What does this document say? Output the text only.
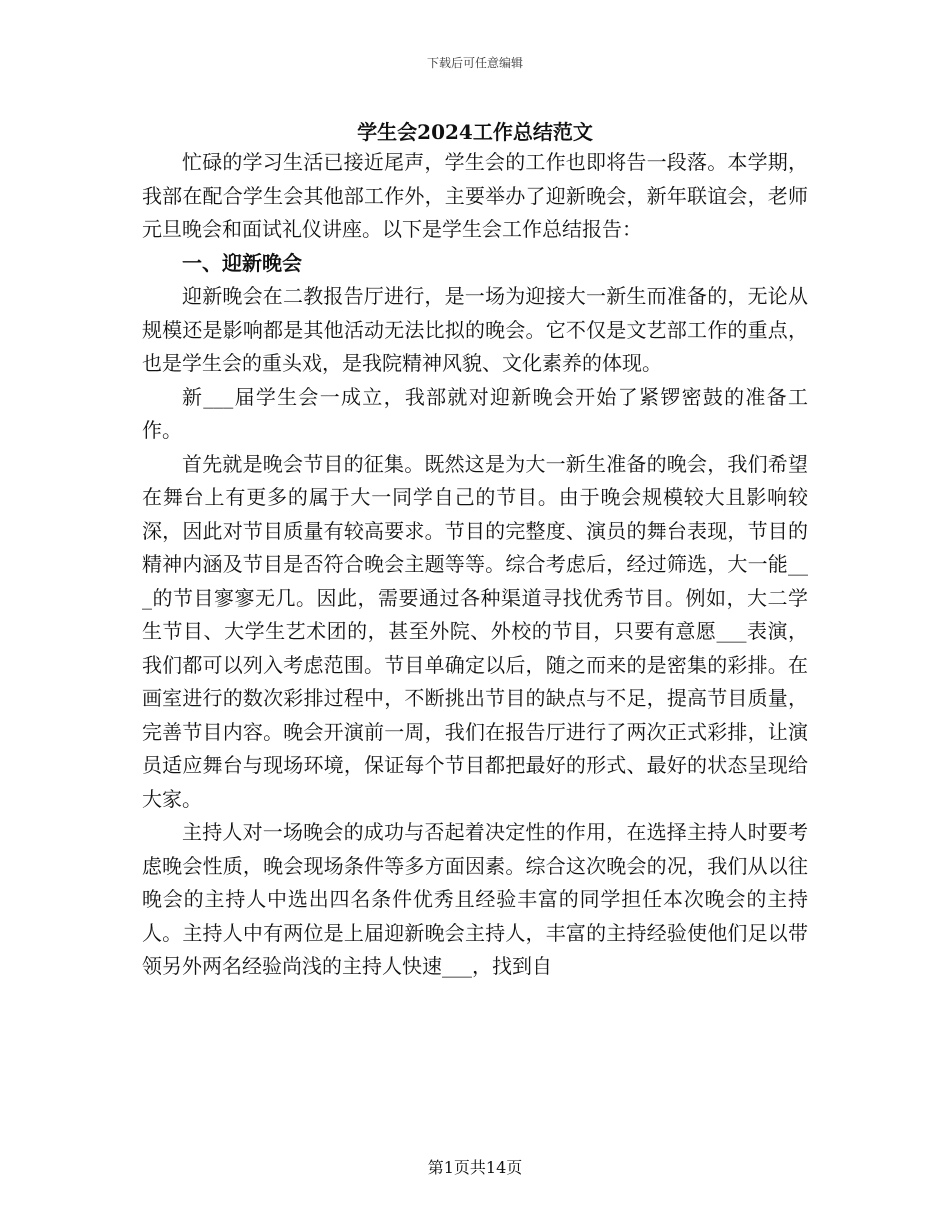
下载后可任意编辑
学生会2024工作总结范文

忙碌的学习生活已接近尾声，学生会的工作也即将告一段落。本学期，我部在配合学生会其他部工作外，主要举办了迎新晚会，新年联谊会，老师元旦晚会和面试礼仪讲座。以下是学生会工作总结报告：

一、迎新晚会

迎新晚会在二教报告厅进行，是一场为迎接大一新生而准备的，无论从规模还是影响都是其他活动无法比拟的晚会。它不仅是文艺部工作的重点，也是学生会的重头戏，是我院精神风貌、文化素养的体现。

新___届学生会一成立，我部就对迎新晚会开始了紧锣密鼓的准备工作。

首先就是晚会节目的征集。既然这是为大一新生准备的晚会，我们希望在舞台上有更多的属于大一同学自己的节目。由于晚会规模较大且影响较深，因此对节目质量有较高要求。节目的完整度、演员的舞台表现，节目的精神内涵及节目是否符合晚会主题等等。综合考虑后，经过筛选，大一能___的节目寥寥无几。因此，需要通过各种渠道寻找优秀节目。例如，大二学生节目、大学生艺术团的，甚至外院、外校的节目，只要有意愿___表演，我们都可以列入考虑范围。节目单确定以后，随之而来的是密集的彩排。在画室进行的数次彩排过程中，不断挑出节目的缺点与不足，提高节目质量，完善节目内容。晚会开演前一周，我们在报告厅进行了两次正式彩排，让演员适应舞台与现场环境，保证每个节目都把最好的形式、最好的状态呈现给大家。

主持人对一场晚会的成功与否起着决定性的作用，在选择主持人时要考虑晚会性质，晚会现场条件等多方面因素。综合这次晚会的况，我们从以往晚会的主持人中选出四名条件优秀且经验丰富的同学担任本次晚会的主持人。主持人中有两位是上届迎新晚会主持人，丰富的主持经验使他们足以带领另外两名经验尚浅的主持人快速___，找到自

第1页共14页
